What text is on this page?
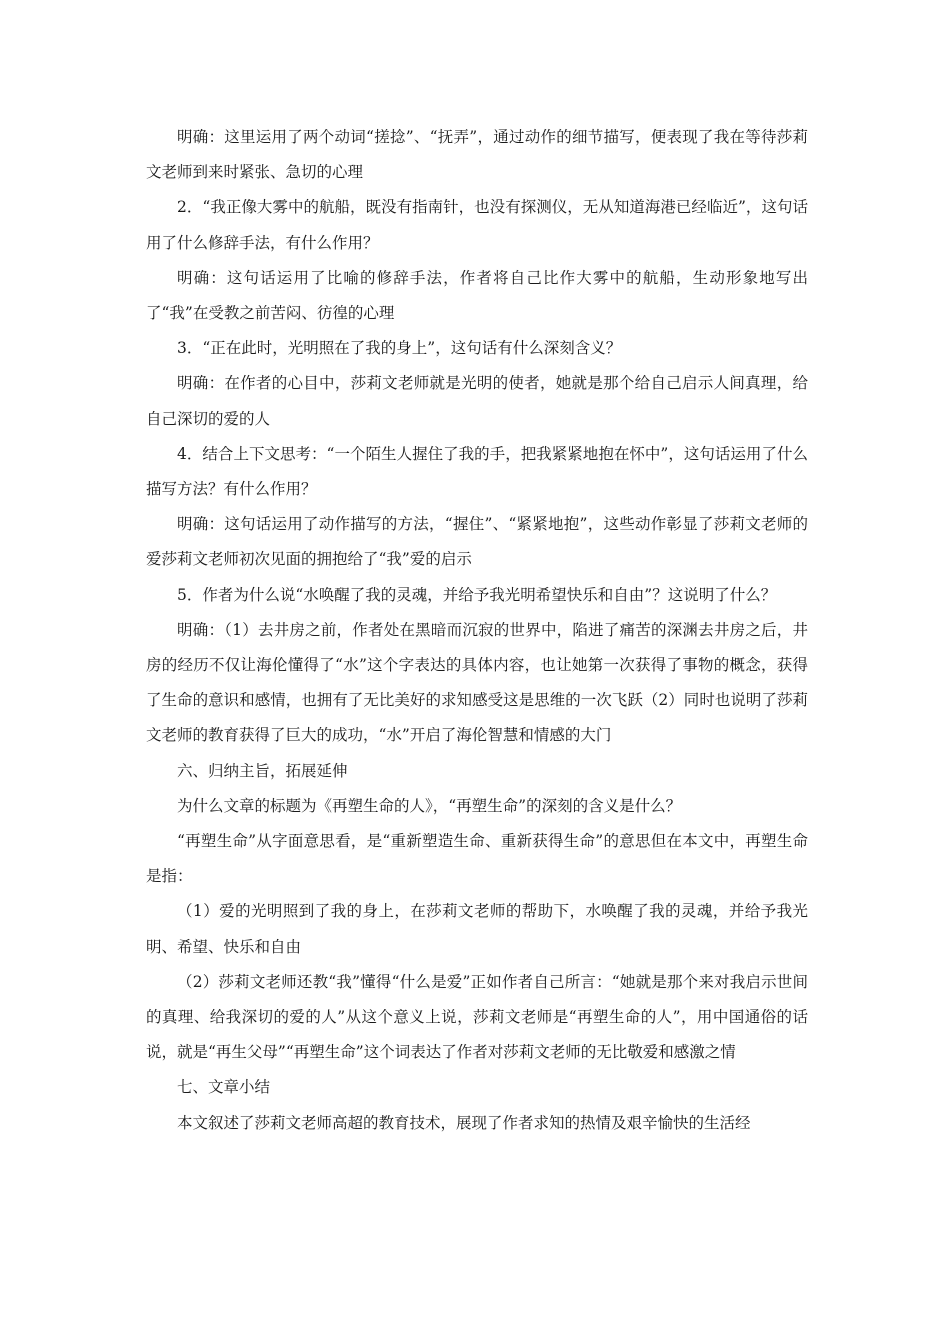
明确：这里运用了两个动词“搓捻”、“抚弄”，通过动作的细节描写，便表现了我在等待莎莉文老师到来时紧张、急切的心理

2．“我正像大雾中的航船，既没有指南针，也没有探测仪，无从知道海港已经临近”，这句话用了什么修辞手法，有什么作用？

明确：这句话运用了比喻的修辞手法，作者将自己比作大雾中的航船，生动形象地写出了“我”在受教之前苦闷、彷徨的心理

3．“正在此时，光明照在了我的身上”，这句话有什么深刻含义？

明确：在作者的心目中，莎莉文老师就是光明的使者，她就是那个给自己启示人间真理，给自己深切的爱的人

4．结合上下文思考：“一个陌生人握住了我的手，把我紧紧地抱在怀中”，这句话运用了什么描写方法？有什么作用？

明确：这句话运用了动作描写的方法，“握住”、“紧紧地抱”，这些动作彰显了莎莉文老师的爱莎莉文老师初次见面的拥抱给了“我”爱的启示

5．作者为什么说“水唤醒了我的灵魂，并给予我光明希望快乐和自由”？这说明了什么？

明确：（1）去井房之前，作者处在黑暗而沉寂的世界中，陷进了痛苦的深渊去井房之后，井房的经历不仅让海伦懂得了“水”这个字表达的具体内容，也让她第一次获得了事物的概念，获得了生命的意识和感情，也拥有了无比美好的求知感受这是思维的一次飞跃（2）同时也说明了莎莉文老师的教育获得了巨大的成功，“水”开启了海伦智慧和情感的大门

六、归纳主旨，拓展延伸

为什么文章的标题为《再塑生命的人》，“再塑生命”的深刻的含义是什么？

“再塑生命”从字面意思看，是“重新塑造生命、重新获得生命”的意思但在本文中，再塑生命是指：

（1）爱的光明照到了我的身上，在莎莉文老师的帮助下，水唤醒了我的灵魂，并给予我光明、希望、快乐和自由

（2）莎莉文老师还教“我”懂得“什么是爱”正如作者自己所言：“她就是那个来对我启示世间的真理、给我深切的爱的人”从这个意义上说，莎莉文老师是“再塑生命的人”，用中国通俗的话说，就是“再生父母”“再塑生命”这个词表达了作者对莎莉文老师的无比敬爱和感激之情

七、文章小结

本文叙述了莎莉文老师高超的教育技术，展现了作者求知的热情及艰辛愉快的生活经
